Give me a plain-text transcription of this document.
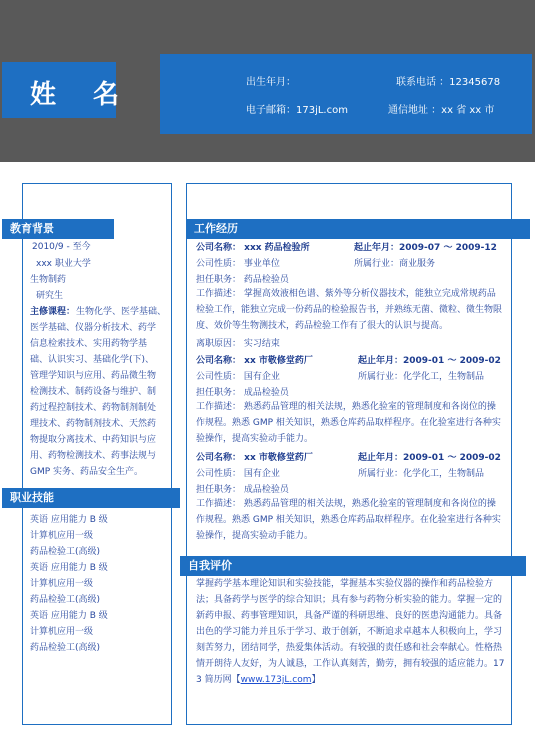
姓 名	出生年月：	联系电话 ：12345678
电子邮箱：173jL.com	通信地址 ：xx 省 xx 市
教育背景
2010/9 - 至今
xxx 职业大学
生物制药
研究生
主修课程： 生物化学、医学基础、
医学基础、仪器分析技术、药学
信息检索技术、实用药物学基
础、认识实习、基础化学(下)、
管理学知识与应用、药品微生物
检测技术、制药设备与维护、制
药过程控制技术、药物制剂制处
理技术、药物制剂技术、天然药
物提取分离技术、中药知识与应
用、药物检测技术、药事法规与
GMP 实务、药品安全生产。
职业技能
英语 应用能力 B 级
计算机应用一级
药品检验工(高级)
英语 应用能力 B 级
计算机应用一级
药品检验工(高级)
英语 应用能力 B 级
计算机应用一级
药品检验工(高级)
工作经历
公司名称： xxx 药品检验所	起止年月：2009-07 ～ 2009-12
公司性质： 事业单位	所属行业：商业服务
担任职务： 药品检验员
工作描述： 掌握高效液相色谱、紫外等分析仪器技术，能独立完成常规药品检验工作，能独立完成一份药品的检验报告书，并熟练无菌、微粒、微生物限度、效价等生物测技术，药品检验工作有了很大的认识与提高。
离职原因： 实习结束
公司名称： xx 市敬修堂药厂	起止年月：2009-01 ～ 2009-02
公司性质： 国有企业	所属行业：化学化工，生物制品
担任职务： 成品检验员
工作描述： 熟悉药品管理的相关法规，熟悉化验室的管理制度和各岗位的操作规程。熟悉 GMP 相关知识，熟悉仓库药品取样程序。在化验室进行各种实验操作，提高实验动手能力。
公司名称： xx 市敬修堂药厂	起止年月：2009-01 ～ 2009-02
公司性质： 国有企业	所属行业：化学化工，生物制品
担任职务： 成品检验员
工作描述： 熟悉药品管理的相关法规，熟悉化验室的管理制度和各岗位的操作规程。熟悉 GMP 相关知识，熟悉仓库药品取样程序。在化验室进行各种实验操作，提高实验动手能力。
自我评价
掌握药学基本理论知识和实验技能，掌握基本实验仪器的操作和药品检验方法；具备药学与医学的综合知识；具有参与药物分析实验的能力。掌握一定的新药申报、药事管理知识，具备严谨的科研思维、良好的医患沟通能力。具备出色的学习能力并且乐于学习、敢于创新，不断追求卓越本人积极向上，学习刻苦努力，团结同学，热爱集体活动。有较强的责任感和社会奉献心。性格热情开朗待人友好，为人诚恳，工作认真刻苦，勤劳，拥有较强的适应能力。173 简历网【www.173jL.com】
